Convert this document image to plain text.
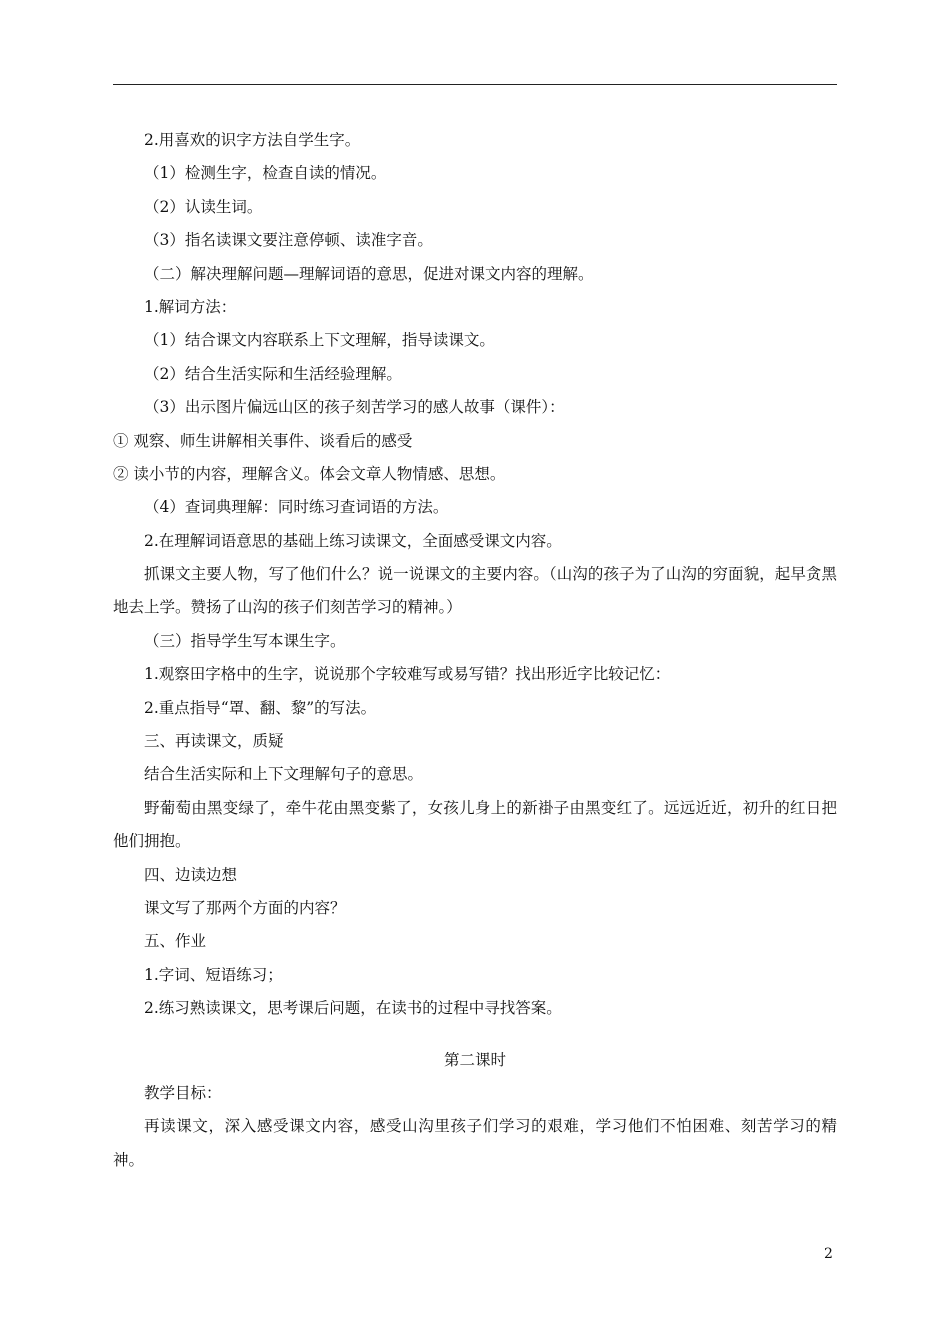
2.用喜欢的识字方法自学生字。
（1）检测生字，检查自读的情况。
（2）认读生词。
（3）指名读课文要注意停顿、读准字音。
（二）解决理解问题—理解词语的意思，促进对课文内容的理解。
1.解词方法：
（1）结合课文内容联系上下文理解，指导读课文。
（2）结合生活实际和生活经验理解。
（3）出示图片偏远山区的孩子刻苦学习的感人故事（课件）：
① 观察、师生讲解相关事件、谈看后的感受
② 读小节的内容，理解含义。体会文章人物情感、思想。
（4）查词典理解：同时练习查词语的方法。
2.在理解词语意思的基础上练习读课文，全面感受课文内容。
抓课文主要人物，写了他们什么？说一说课文的主要内容。（山沟的孩子为了山沟的穷面貌，起早贪黑地去上学。赞扬了山沟的孩子们刻苦学习的精神。）
（三）指导学生写本课生字。
1.观察田字格中的生字，说说那个字较难写或易写错？找出形近字比较记忆：
2.重点指导“罩、翻、黎”的写法。
三、再读课文，质疑
结合生活实际和上下文理解句子的意思。
野葡萄由黑变绿了，牵牛花由黑变紫了，女孩儿身上的新褂子由黑变红了。远远近近，初升的红日把他们拥抱。
四、边读边想
课文写了那两个方面的内容？
五、作业
1.字词、短语练习；
2.练习熟读课文，思考课后问题，在读书的过程中寻找答案。
第二课时
教学目标：
再读课文，深入感受课文内容，感受山沟里孩子们学习的艰难，学习他们不怕困难、刻苦学习的精神。
2
